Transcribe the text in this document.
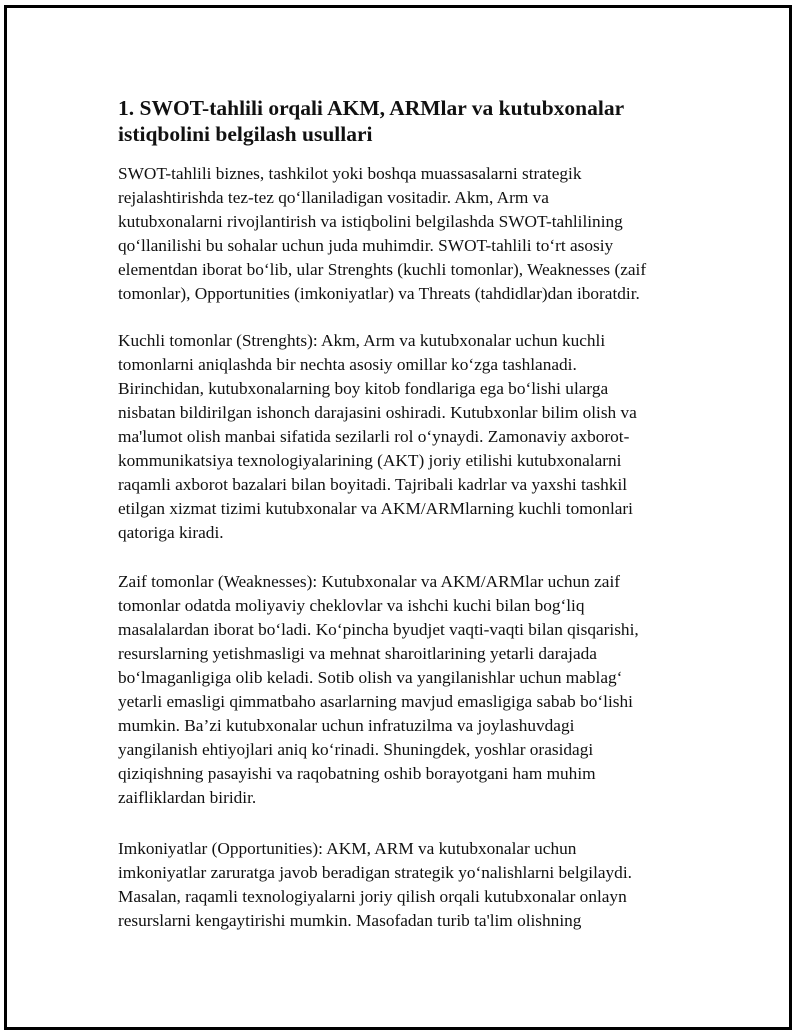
1. SWOT-tahlili orqali AKM, ARMlar va kutubxonalar
istiqbolini belgilash usullari
SWOT-tahlili biznes, tashkilot yoki boshqa muassasalarni strategik
rejalashtirishda tez-tez qo‘llaniladigan vositadir. Akm, Arm va
kutubxonalarni rivojlantirish va istiqbolini belgilashda SWOT-tahlilining
qo‘llanilishi bu sohalar uchun juda muhimdir. SWOT-tahlili to‘rt asosiy
elementdan iborat bo‘lib, ular Strenghts (kuchli tomonlar), Weaknesses (zaif
tomonlar), Opportunities (imkoniyatlar) va Threats (tahdidlar)dan iboratdir.
Kuchli tomonlar (Strenghts): Akm, Arm va kutubxonalar uchun kuchli
tomonlarni aniqlashda bir nechta asosiy omillar ko‘zga tashlanadi.
Birinchidan, kutubxonalarning boy kitob fondlariga ega bo‘lishi ularga
nisbatan bildirilgan ishonch darajasini oshiradi. Kutubxonlar bilim olish va
ma'lumot olish manbai sifatida sezilarli rol o‘ynaydi. Zamonaviy axborot-
kommunikatsiya texnologiyalarining (AKT) joriy etilishi kutubxonalarni
raqamli axborot bazalari bilan boyitadi. Tajribali kadrlar va yaxshi tashkil
etilgan xizmat tizimi kutubxonalar va AKM/ARMlarning kuchli tomonlari
qatoriga kiradi.
Zaif tomonlar (Weaknesses): Kutubxonalar va AKM/ARMlar uchun zaif
tomonlar odatda moliyaviy cheklovlar va ishchi kuchi bilan bog‘liq
masalalardan iborat bo‘ladi. Ko‘pincha byudjet vaqti-vaqti bilan qisqarishi,
resurslarning yetishmasligi va mehnat sharoitlarining yetarli darajada
bo‘lmaganligiga olib keladi. Sotib olish va yangilanishlar uchun mablag‘
yetarli emasligi qimmatbaho asarlarning mavjud emasligiga sabab bo‘lishi
mumkin. Ba’zi kutubxonalar uchun infratuzilma va joylashuvdagi
yangilanish ehtiyojlari aniq ko‘rinadi. Shuningdek, yoshlar orasidagi
qiziqishning pasayishi va raqobatning oshib borayotgani ham muhim
zaifliklardan biridir.
Imkoniyatlar (Opportunities): AKM, ARM va kutubxonalar uchun
imkoniyatlar zaruratga javob beradigan strategik yo‘nalishlarni belgilaydi.
Masalan, raqamli texnologiyalarni joriy qilish orqali kutubxonalar onlayn
resurslarni kengaytirishi mumkin. Masofadan turib ta'lim olishning
